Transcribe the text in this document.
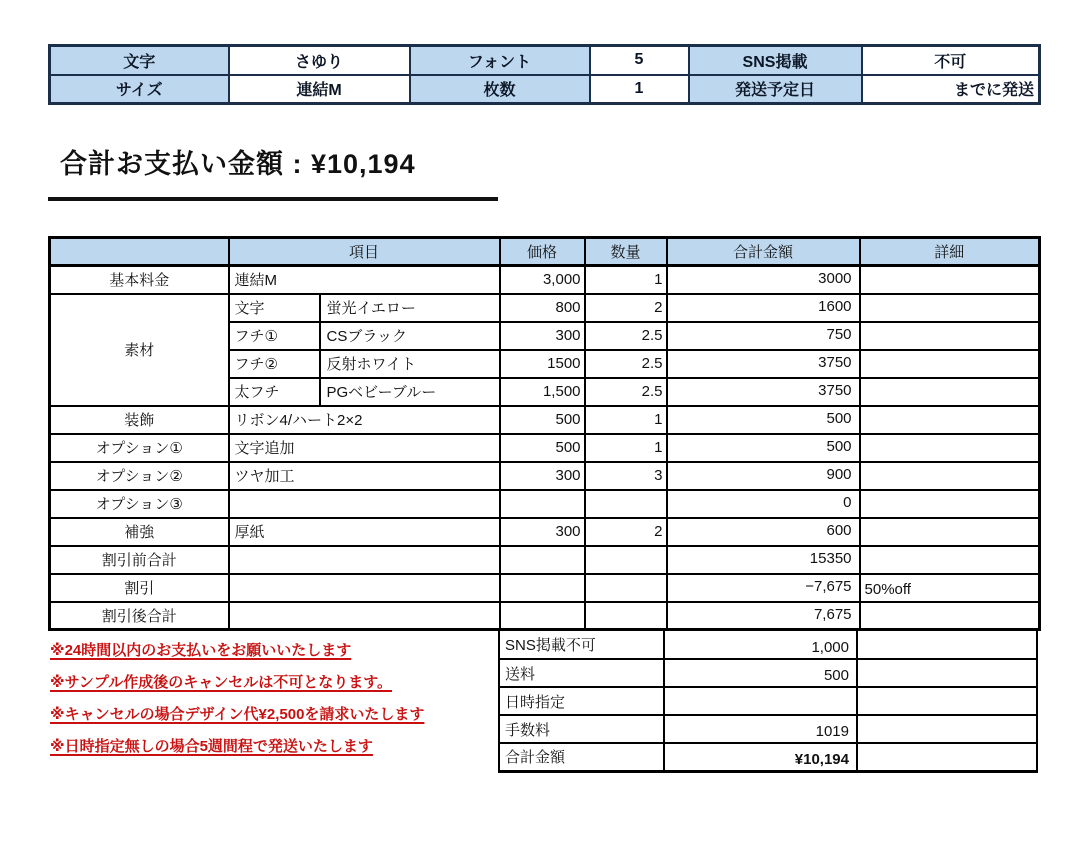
文字	さゆり	フォント	5	SNS掲載	不可
サイズ	連結M	枚数	1	発送予定日	までに発送
合計お支払い金額 : ¥10,194
	項目		価格	数量	合計金額	詳細
基本料金	連結M		3,000	1	3000	
素材	文字	蛍光イエロー	800	2	1600	
	フチ①	CSブラック	300	2.5	750	
	フチ②	反射ホワイト	1500	2.5	3750	
	太フチ	PGベビーブルー	1,500	2.5	3750	
装飾	リボン4/ハート2×2		500	1	500	
オプション①	文字追加		500	1	500	
オプション②	ツヤ加工		300	3	900	
オプション③					0	
補強	厚紙		300	2	600	
割引前合計					15350	
割引					−7,675	50%off
割引後合計					7,675	

※24時間以内のお支払いをお願いいたします

※サンプル作成後のキャンセルは不可となります。

※キャンセルの場合デザイン代¥2,500を請求いたします

※日時指定無しの場合5週間程で発送いたします

SNS掲載不可	1,000	
送料	500	
日時指定		
手数料	1019	
合計金額	¥10,194	
